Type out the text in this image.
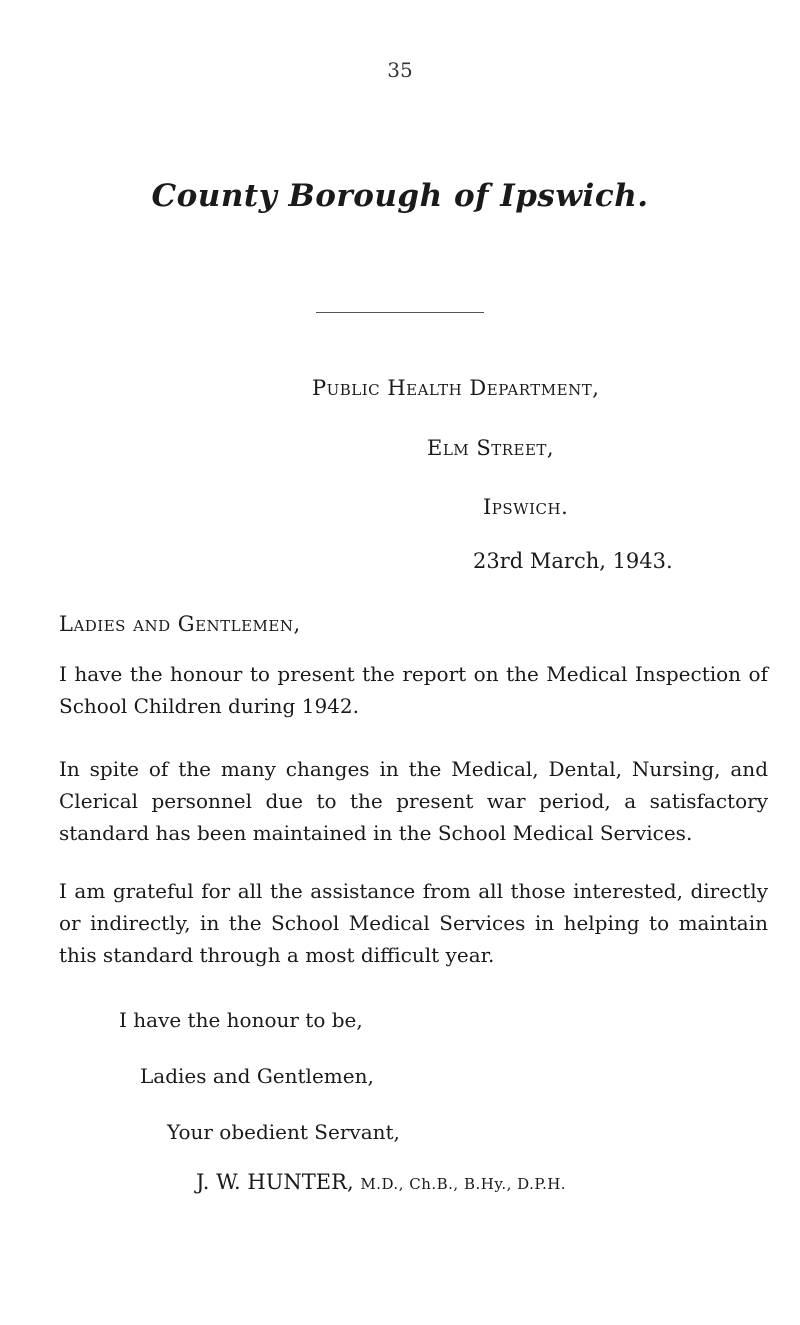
35
County Borough of Ipswich.
Public Health Department,
Elm Street,
Ipswich.
23rd March, 1943.
Ladies and Gentlemen,

I have the honour to present the report on the Medical Inspection of School Children during 1942.

In spite of the many changes in the Medical, Dental, Nursing, and Clerical personnel due to the present war period, a satisfactory standard has been maintained in the School Medical Services.

I am grateful for all the assistance from all those interested, directly or indirectly, in the School Medical Services in helping to maintain this standard through a most difficult year.

I have the honour to be,
Ladies and Gentlemen,
Your obedient Servant,
J. W. HUNTER, M.D., Ch.B., B.Hy., D.P.H.
